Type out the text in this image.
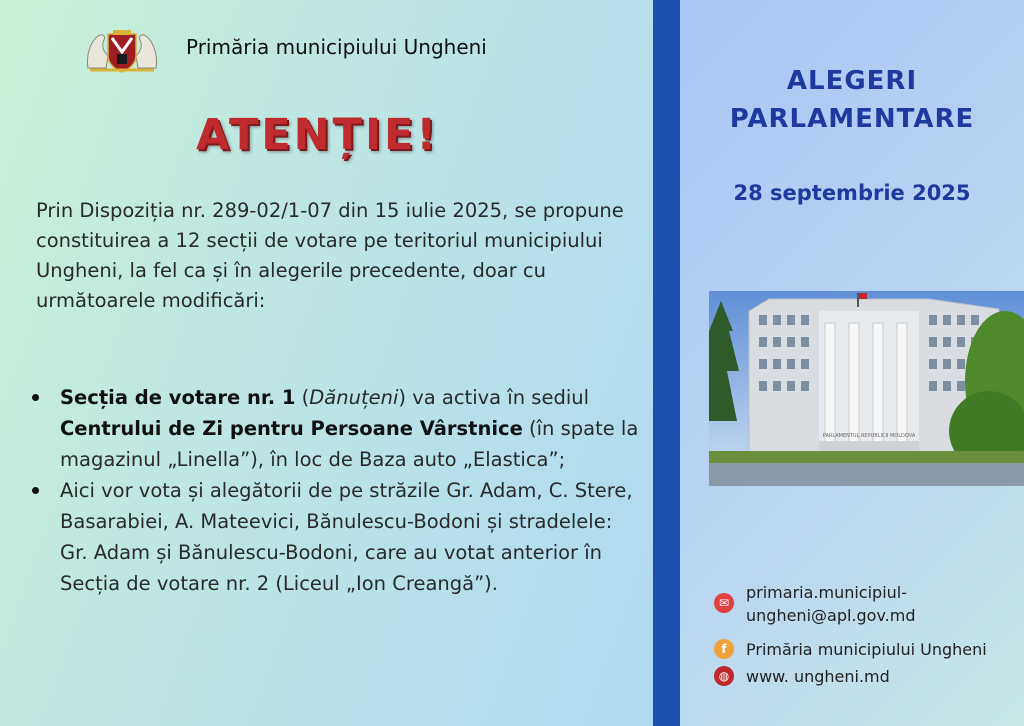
Primăria municipiului Ungheni
ATENȚIE!
Prin Dispoziția nr. 289-02/1-07 din 15 iulie 2025, se propune constituirea a 12 secții de votare pe teritoriul municipiului Ungheni, la fel ca și în alegerile precedente, doar cu următoarele modificări:
Secția de votare nr. 1 (Dănuțeni) va activa în sediul Centrului de Zi pentru Persoane Vârstnice (în spate la magazinul „Linella”), în loc de Baza auto „Elastica”;
Aici vor vota și alegătorii de pe străzile Gr. Adam, C. Stere, Basarabiei, A. Mateevici, Bănulescu-Bodoni și stradelele: Gr. Adam și Bănulescu-Bodoni, care au votat anterior în Secția de votare nr. 2 (Liceul „Ion Creangă”).
ALEGERI
PARLAMENTARE
28 septembrie 2025
PARLAMENTUL REPUBLICII MOLDOVA
✉
primaria.municipiul-
ungheni@apl.gov.md
f	Primăria municipiului Ungheni
◍ www. ungheni.md
